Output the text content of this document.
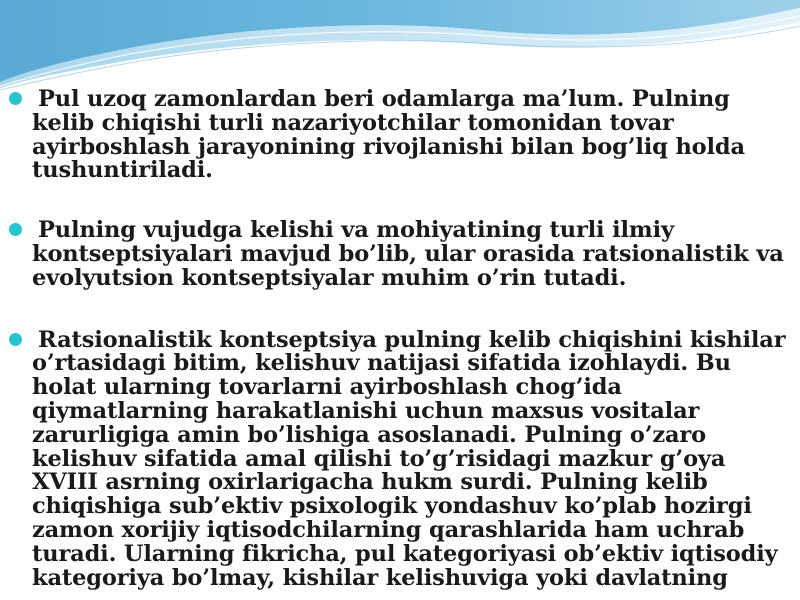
Pul uzoq zamonlardan beri odamlarga ma’lum. Pulning kelib chiqishi turli nazariyotchilar tomonidan tovar ayirboshlash jarayonining rivojlanishi bilan bog’liq holda tushuntiriladi.
Pulning vujudga kelishi va mohiyatining turli ilmiy kontseptsiyalari mavjud bo’lib, ular orasida ratsionalistik va evolyutsion kontseptsiyalar muhim o’rin tutadi.
Ratsionalistik kontseptsiya pulning kelib chiqishini kishilar o’rtasidagi bitim, kelishuv natijasi sifatida izohlaydi. Bu holat ularning tovarlarni ayirboshlash chog’ida qiymatlarning harakatlanishi uchun maxsus vositalar zarurligiga amin bo’lishiga asoslanadi. Pulning o’zaro kelishuv sifatida amal qilishi to’g’risidagi mazkur g’oya XVIII asrning oxirlarigacha hukm surdi. Pulning kelib chiqishiga sub’ektiv psixologik yondashuv ko’plab hozirgi zamon xorijiy iqtisodchilarning qarashlarida ham uchrab turadi. Ularning fikricha, pul kategoriyasi ob’ektiv iqtisodiy kategoriya bo’lmay, kishilar kelishuviga yoki davlatning
